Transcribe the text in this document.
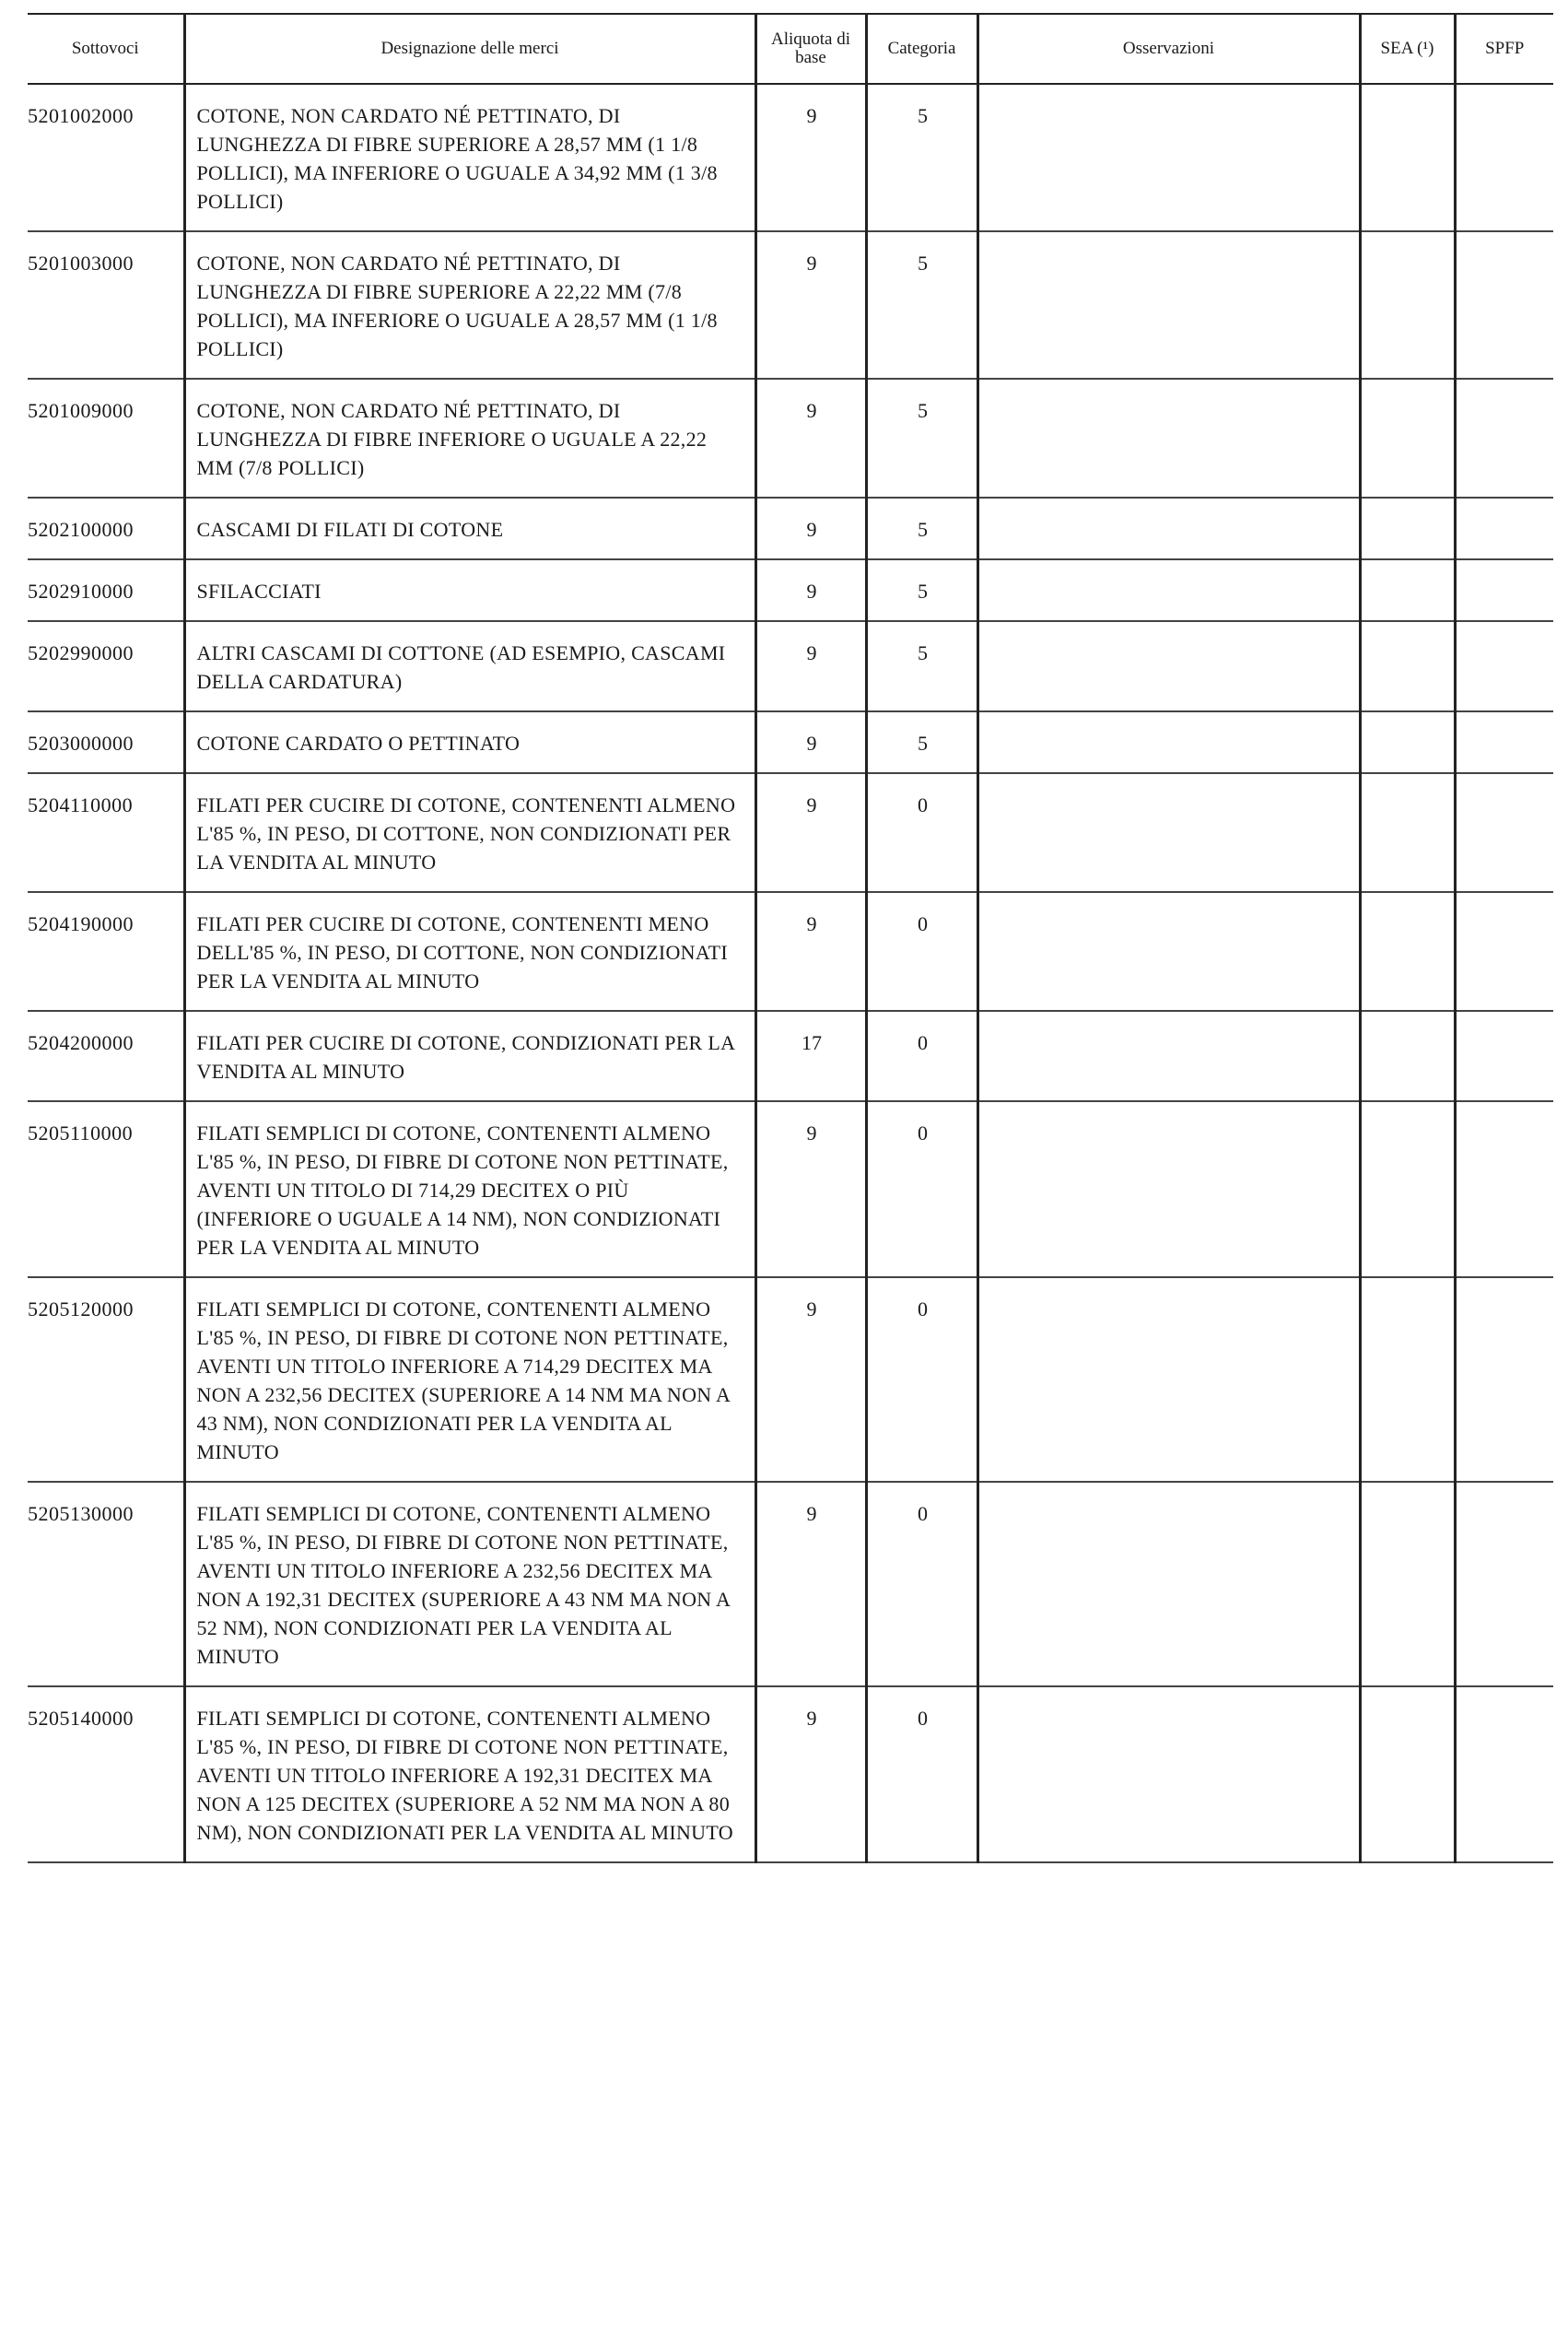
Sottovoci	Designazione delle merci	Aliquota di base	Categoria	Osservazioni	SEA (¹)	SPFP
5201002000	COTONE, NON CARDATO NÉ PETTINATO, DI LUNGHEZZA DI FIBRE SUPERIORE A 28,57 MM (1 1/8 POLLICI), MA INFERIORE O UGUALE A 34,92 MM (1 3/8 POLLICI)	9	5			
5201003000	COTONE, NON CARDATO NÉ PETTINATO, DI LUNGHEZZA DI FIBRE SUPERIORE A 22,22 MM (7/8 POLLICI), MA INFERIORE O UGUALE A 28,57 MM (1 1/8 POLLICI)	9	5			
5201009000	COTONE, NON CARDATO NÉ PETTINATO, DI LUNGHEZZA DI FIBRE INFERIORE O UGUALE A 22,22 MM (7/8 POLLICI)	9	5			
5202100000	CASCAMI DI FILATI DI COTONE	9	5			
5202910000	SFILACCIATI	9	5			
5202990000	ALTRI CASCAMI DI COTTONE (AD ESEMPIO, CASCAMI DELLA CARDATURA)	9	5			
5203000000	COTONE CARDATO O PETTINATO	9	5			
5204110000	FILATI PER CUCIRE DI COTONE, CONTENENTI ALMENO L'85 %, IN PESO, DI COTTONE, NON CONDIZIONATI PER LA VENDITA AL MINUTO	9	0			
5204190000	FILATI PER CUCIRE DI COTONE, CONTENENTI MENO DELL'85 %, IN PESO, DI COTTONE, NON CONDIZIONATI PER LA VENDITA AL MINUTO	9	0			
5204200000	FILATI PER CUCIRE DI COTONE, CONDIZIONATI PER LA VENDITA AL MINUTO	17	0			
5205110000	FILATI SEMPLICI DI COTONE, CONTENENTI ALMENO L'85 %, IN PESO, DI FIBRE DI COTONE NON PETTINATE, AVENTI UN TITOLO DI 714,29 DECITEX O PIÙ (INFERIORE O UGUALE A 14 NM), NON CONDIZIONATI PER LA VENDITA AL MINUTO	9	0			
5205120000	FILATI SEMPLICI DI COTONE, CONTENENTI ALMENO L'85 %, IN PESO, DI FIBRE DI COTONE NON PETTINATE, AVENTI UN TITOLO INFERIORE A 714,29 DECITEX MA NON A 232,56 DECITEX (SUPERIORE A 14 NM MA NON A 43 NM), NON CONDIZIONATI PER LA VENDITA AL MINUTO	9	0			
5205130000	FILATI SEMPLICI DI COTONE, CONTENENTI ALMENO L'85 %, IN PESO, DI FIBRE DI COTONE NON PETTINATE, AVENTI UN TITOLO INFERIORE A 232,56 DECITEX MA NON A 192,31 DECITEX (SUPERIORE A 43 NM MA NON A 52 NM), NON CONDIZIONATI PER LA VENDITA AL MINUTO	9	0			
5205140000	FILATI SEMPLICI DI COTONE, CONTENENTI ALMENO L'85 %, IN PESO, DI FIBRE DI COTONE NON PETTINATE, AVENTI UN TITOLO INFERIORE A 192,31 DECITEX MA NON A 125 DECITEX (SUPERIORE A 52 NM MA NON A 80 NM), NON CONDIZIONATI PER LA VENDITA AL MINUTO	9	0			
